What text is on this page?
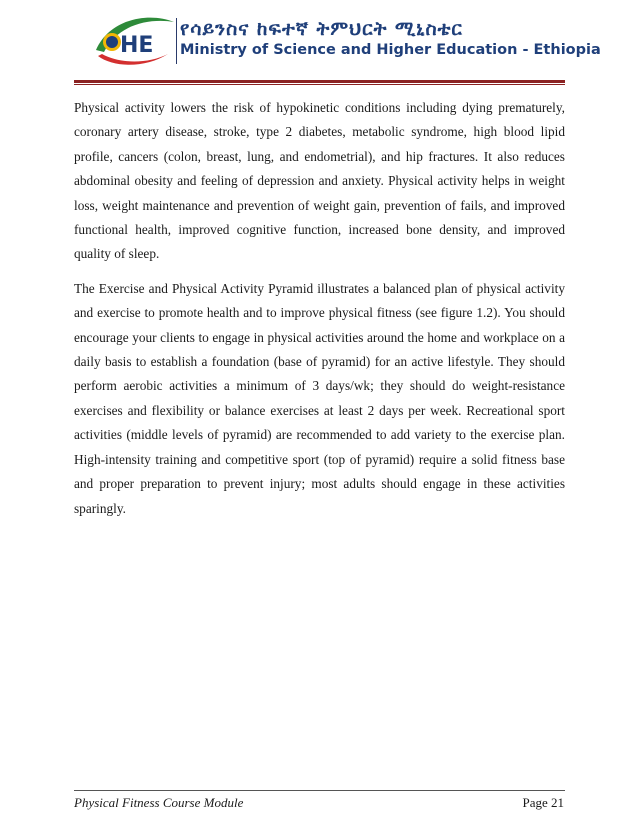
HE
የሳይንስና ከፍተኛ ትምህርት ሚኒስቴር
Ministry of Science and Higher Education - Ethiopia

Physical activity lowers the risk of hypokinetic conditions including dying prematurely, coronary artery disease, stroke, type 2 diabetes, metabolic syndrome, high blood lipid profile, cancers (colon, breast, lung, and endometrial), and hip fractures. It also reduces abdominal obesity and feeling of depression and anxiety. Physical activity helps in weight loss, weight maintenance and prevention of weight gain, prevention of fails, and improved functional health, improved cognitive function, increased bone density, and improved quality of sleep.

The Exercise and Physical Activity Pyramid illustrates a balanced plan of physical activity and exercise to promote health and to improve physical fitness (see figure 1.2). You should encourage your clients to engage in physical activities around the home and workplace on a daily basis to establish a foundation (base of pyramid) for an active lifestyle. They should perform aerobic activities a minimum of 3 days/wk; they should do weight-resistance exercises and flexibility or balance exercises at least 2 days per week. Recreational sport activities (middle levels of pyramid) are recommended to add variety to the exercise plan. High-intensity training and competitive sport (top of pyramid) require a solid fitness base and proper preparation to prevent injury; most adults should engage in these activities sparingly.

Physical Fitness Course Module	Page 21
